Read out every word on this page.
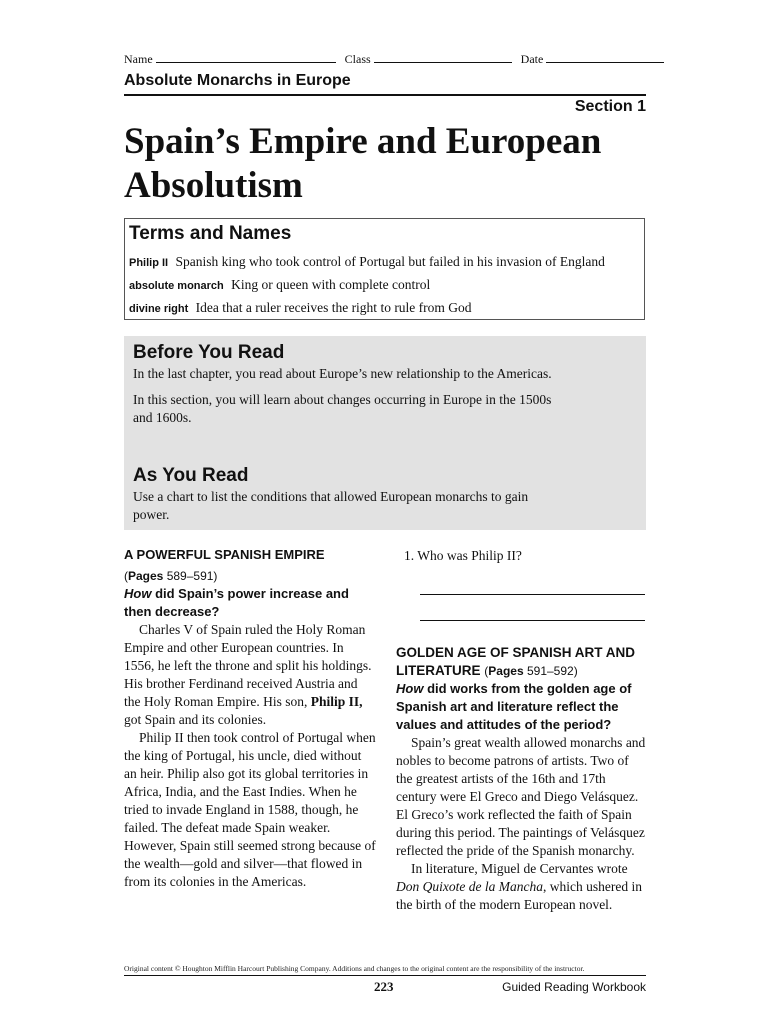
Name	Class	Date
Absolute Monarchs in Europe
Section 1
Spain’s Empire and European
Absolutism
Terms and Names
Philip II Spanish king who took control of Portugal but failed in his invasion of England
absolute monarch King or queen with complete control
divine right Idea that a ruler receives the right to rule from God
Before You Read

In the last chapter, you read about Europe’s new relationship to the Americas.

In this section, you will learn about changes occurring in Europe in the 1500s and 1600s.

As You Read

Use a chart to list the conditions that allowed European monarchs to gain power.

A POWERFUL SPANISH EMPIRE
(Pages 589–591)
How did Spain’s power increase and then decrease?

Charles V of Spain ruled the Holy Roman Empire and other European countries. In 1556, he left the throne and split his holdings. His brother Ferdinand received Austria and the Holy Roman Empire. His son, Philip II, got Spain and its colonies.

Philip II then took control of Portugal when the king of Portugal, his uncle, died without an heir. Philip also got its global territories in Africa, India, and the East Indies. When he tried to invade England in 1588, though, he failed. The defeat made Spain weaker. However, Spain still seemed strong because of the wealth—gold and silver—that flowed in from its colonies in the Americas.

1. Who was Philip II?
GOLDEN AGE OF SPANISH ART AND LITERATURE (Pages 591–592)
How did works from the golden age of Spanish art and literature reflect the values and attitudes of the period?

Spain’s great wealth allowed monarchs and nobles to become patrons of artists. Two of the greatest artists of the 16th and 17th century were El Greco and Diego Velásquez. El Greco’s work reflected the faith of Spain during this period. The paintings of Velásquez reflected the pride of the Spanish monarchy.

In literature, Miguel de Cervantes wrote Don Quixote de la Mancha, which ushered in the birth of the modern European novel.

Original content © Houghton Mifflin Harcourt Publishing Company. Additions and changes to the original content are the responsibility of the instructor.
223	Guided Reading Workbook
